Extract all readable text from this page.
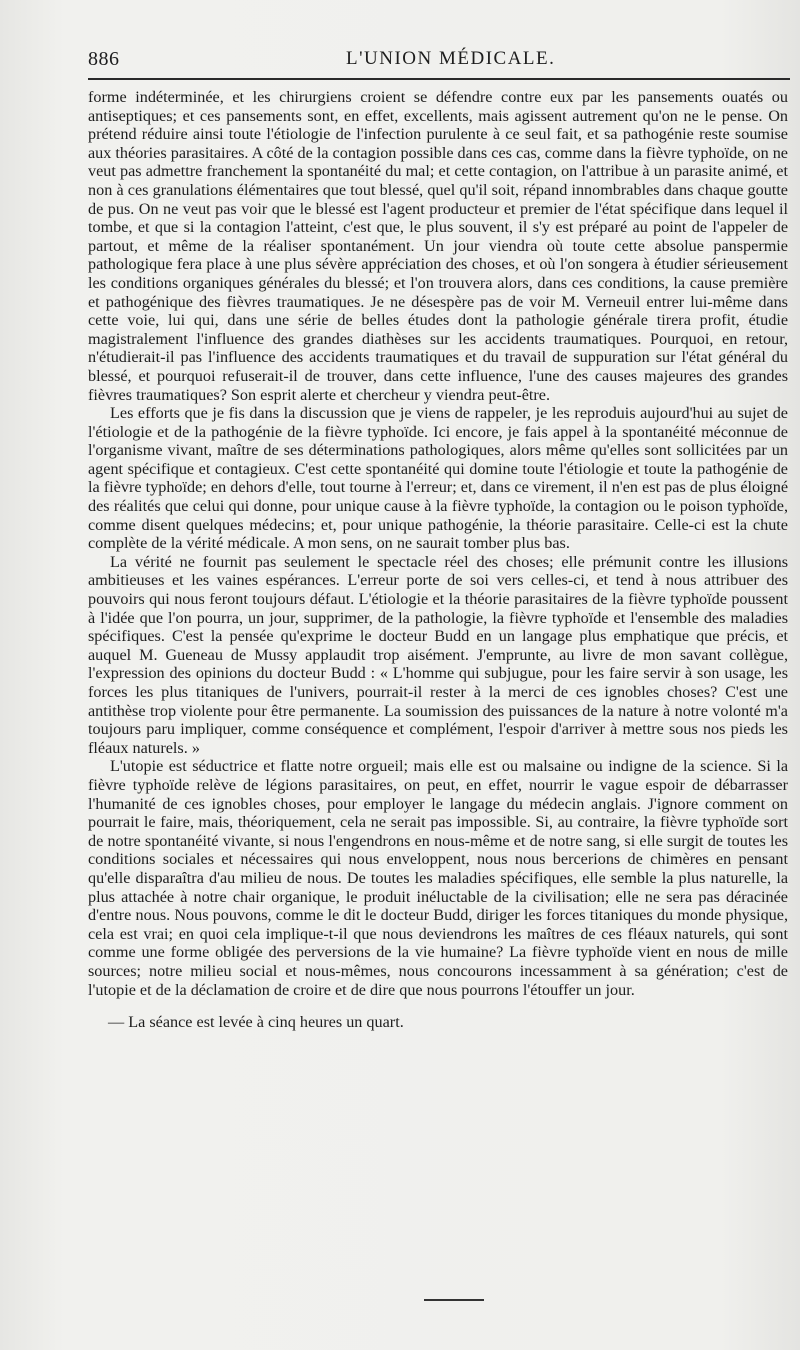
886	L'UNION MÉDICALE.

forme indéterminée, et les chirurgiens croient se défendre contre eux par les pansements ouatés ou antiseptiques; et ces pansements sont, en effet, excellents, mais agissent autrement qu'on ne le pense. On prétend réduire ainsi toute l'étiologie de l'infection purulente à ce seul fait, et sa pathogénie reste soumise aux théories parasitaires. A côté de la contagion possible dans ces cas, comme dans la fièvre typhoïde, on ne veut pas admettre franchement la spontanéité du mal; et cette contagion, on l'attribue à un parasite animé, et non à ces granulations élémentaires que tout blessé, quel qu'il soit, répand innombrables dans chaque goutte de pus. On ne veut pas voir que le blessé est l'agent producteur et premier de l'état spécifique dans lequel il tombe, et que si la contagion l'atteint, c'est que, le plus souvent, il s'y est préparé au point de l'appeler de partout, et même de la réaliser spontanément. Un jour viendra où toute cette absolue panspermie pathologique fera place à une plus sévère appréciation des choses, et où l'on songera à étudier sérieusement les conditions organiques générales du blessé; et l'on trouvera alors, dans ces conditions, la cause première et pathogénique des fièvres traumatiques. Je ne désespère pas de voir M. Verneuil entrer lui-même dans cette voie, lui qui, dans une série de belles études dont la pathologie générale tirera profit, étudie magistralement l'influence des grandes diathèses sur les accidents traumatiques. Pourquoi, en retour, n'étudierait-il pas l'influence des accidents traumatiques et du travail de suppuration sur l'état général du blessé, et pourquoi refuserait-il de trouver, dans cette influence, l'une des causes majeures des grandes fièvres traumatiques? Son esprit alerte et chercheur y viendra peut-être.

Les efforts que je fis dans la discussion que je viens de rappeler, je les reproduis aujourd'hui au sujet de l'étiologie et de la pathogénie de la fièvre typhoïde. Ici encore, je fais appel à la spontanéité méconnue de l'organisme vivant, maître de ses déterminations pathologiques, alors même qu'elles sont sollicitées par un agent spécifique et contagieux. C'est cette spontanéité qui domine toute l'étiologie et toute la pathogénie de la fièvre typhoïde; en dehors d'elle, tout tourne à l'erreur; et, dans ce virement, il n'en est pas de plus éloigné des réalités que celui qui donne, pour unique cause à la fièvre typhoïde, la contagion ou le poison typhoïde, comme disent quelques médecins; et, pour unique pathogénie, la théorie parasitaire. Celle-ci est la chute complète de la vérité médicale. A mon sens, on ne saurait tomber plus bas.

La vérité ne fournit pas seulement le spectacle réel des choses; elle prémunit contre les illusions ambitieuses et les vaines espérances. L'erreur porte de soi vers celles-ci, et tend à nous attribuer des pouvoirs qui nous feront toujours défaut. L'étiologie et la théorie parasitaires de la fièvre typhoïde poussent à l'idée que l'on pourra, un jour, supprimer, de la pathologie, la fièvre typhoïde et l'ensemble des maladies spécifiques. C'est la pensée qu'exprime le docteur Budd en un langage plus emphatique que précis, et auquel M. Gueneau de Mussy applaudit trop aisément. J'emprunte, au livre de mon savant collègue, l'expression des opinions du docteur Budd : « L'homme qui subjugue, pour les faire servir à son usage, les forces les plus titaniques de l'univers, pourrait-il rester à la merci de ces ignobles choses? C'est une antithèse trop violente pour être permanente. La soumission des puissances de la nature à notre volonté m'a toujours paru impliquer, comme conséquence et complément, l'espoir d'arriver à mettre sous nos pieds les fléaux naturels. »

L'utopie est séductrice et flatte notre orgueil; mais elle est ou malsaine ou indigne de la science. Si la fièvre typhoïde relève de légions parasitaires, on peut, en effet, nourrir le vague espoir de débarrasser l'humanité de ces ignobles choses, pour employer le langage du médecin anglais. J'ignore comment on pourrait le faire, mais, théoriquement, cela ne serait pas impossible. Si, au contraire, la fièvre typhoïde sort de notre spontanéité vivante, si nous l'engendrons en nous-même et de notre sang, si elle surgit de toutes les conditions sociales et nécessaires qui nous enveloppent, nous nous bercerions de chimères en pensant qu'elle disparaîtra d'au milieu de nous. De toutes les maladies spécifiques, elle semble la plus naturelle, la plus attachée à notre chair organique, le produit inéluctable de la civilisation; elle ne sera pas déracinée d'entre nous. Nous pouvons, comme le dit le docteur Budd, diriger les forces titaniques du monde physique, cela est vrai; en quoi cela implique-t-il que nous deviendrons les maîtres de ces fléaux naturels, qui sont comme une forme obligée des perversions de la vie humaine? La fièvre typhoïde vient en nous de mille sources; notre milieu social et nous-mêmes, nous concourons incessamment à sa génération; c'est de l'utopie et de la déclamation de croire et de dire que nous pourrons l'étouffer un jour.

— La séance est levée à cinq heures un quart.
